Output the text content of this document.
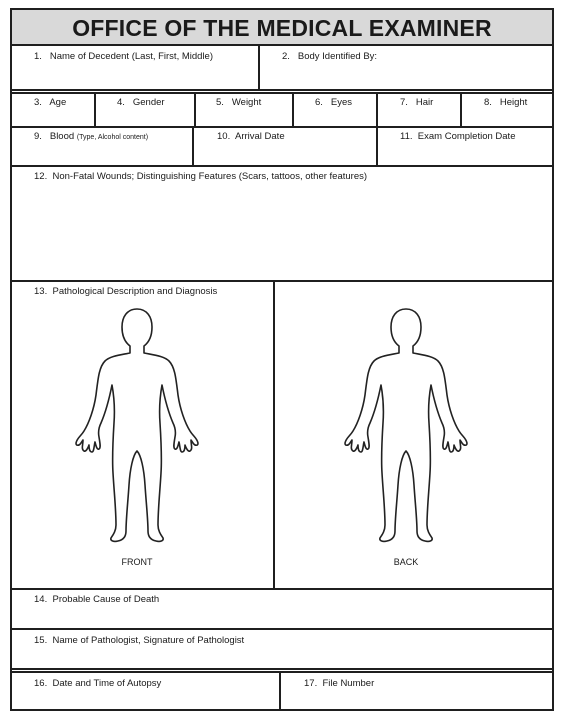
OFFICE OF THE MEDICAL EXAMINER
1. Name of Decedent (Last, First, Middle)	2. Body Identified By:
3. Age	4. Gender	5. Weight	6. Eyes	7. Hair	8. Height
9. Blood (Type, Alcohol content)	10. Arrival Date	11. Exam Completion Date
12. Non-Fatal Wounds; Distinguishing Features (Scars, tattoos, other features)
13. Pathological Description and Diagnosis
FRONT	BACK
14. Probable Cause of Death
15. Name of Pathologist, Signature of Pathologist
16. Date and Time of Autopsy	17. File Number
